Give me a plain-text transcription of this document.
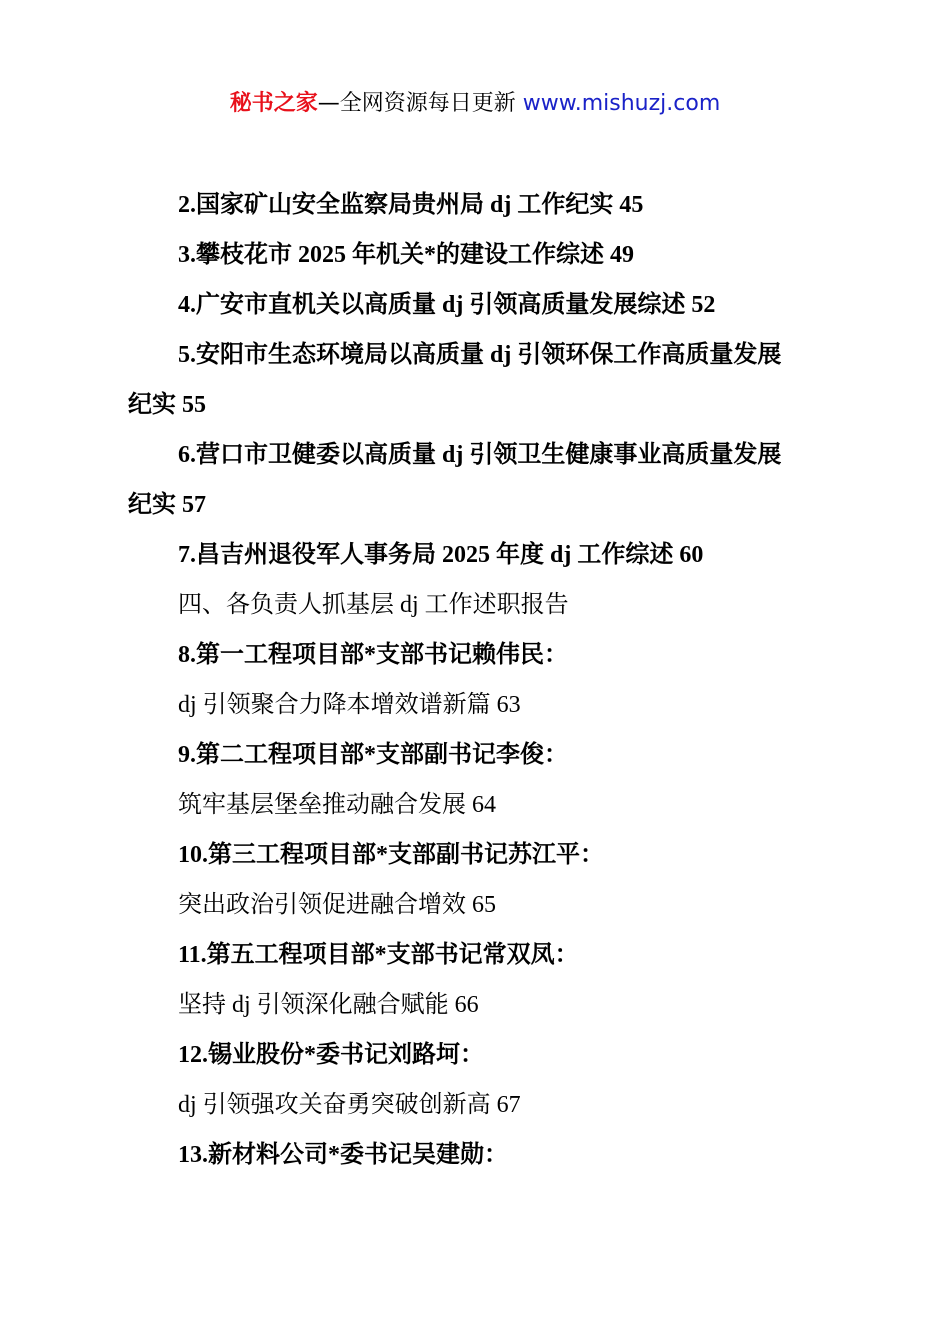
秘书之家—全网资源每日更新 www.mishuzj.com
2.国家矿山安全监察局贵州局 dj 工作纪实 45
3.攀枝花市 2025 年机关*的建设工作综述 49
4.广安市直机关以高质量 dj 引领高质量发展综述 52
5.安阳市生态环境局以高质量 dj 引领环保工作高质量发展
纪实 55
6.营口市卫健委以高质量 dj 引领卫生健康事业高质量发展
纪实 57
7.昌吉州退役军人事务局 2025 年度 dj 工作综述 60
四、各负责人抓基层 dj 工作述职报告
8.第一工程项目部*支部书记赖伟民：
dj 引领聚合力降本增效谱新篇 63
9.第二工程项目部*支部副书记李俊：
筑牢基层堡垒推动融合发展 64
10.第三工程项目部*支部副书记苏江平：
突出政治引领促进融合增效 65
11.第五工程项目部*支部书记常双凤：
坚持 dj 引领深化融合赋能 66
12.锡业股份*委书记刘路坷：
dj 引领强攻关奋勇突破创新高 67
13.新材料公司*委书记吴建勋：
